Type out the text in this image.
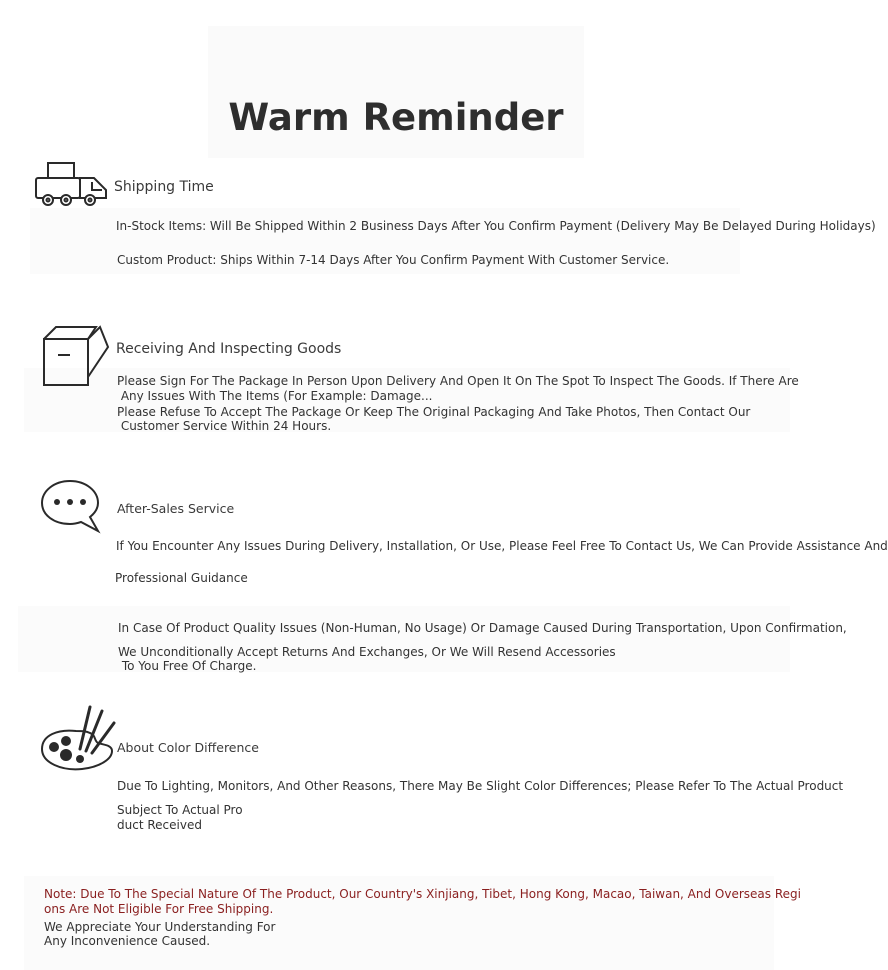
Warm Reminder
Shipping Time
In-Stock Items: Will Be Shipped Within 2 Business Days After You Confirm Payment (Delivery May Be Delayed During Holidays)
Custom Product: Ships Within 7-14 Days After You Confirm Payment With Customer Service.
Receiving And Inspecting Goods
Please Sign For The Package In Person Upon Delivery And Open It On The Spot To Inspect The Goods. If There Are
Any Issues With The Items (For Example: Damage...
Please Refuse To Accept The Package Or Keep The Original Packaging And Take Photos, Then Contact Our
Customer Service Within 24 Hours.
After-Sales Service
If You Encounter Any Issues During Delivery, Installation, Or Use, Please Feel Free To Contact Us, We Can Provide Assistance And
Professional Guidance
In Case Of Product Quality Issues (Non-Human, No Usage) Or Damage Caused During Transportation, Upon Confirmation,
We Unconditionally Accept Returns And Exchanges, Or We Will Resend Accessories
To You Free Of Charge.
About Color Difference
Due To Lighting, Monitors, And Other Reasons, There May Be Slight Color Differences; Please Refer To The Actual Product
Subject To Actual Pro
duct Received
Note: Due To The Special Nature Of The Product, Our Country's Xinjiang, Tibet, Hong Kong, Macao, Taiwan, And Overseas Regi
ons Are Not Eligible For Free Shipping.
We Appreciate Your Understanding For
Any Inconvenience Caused.
